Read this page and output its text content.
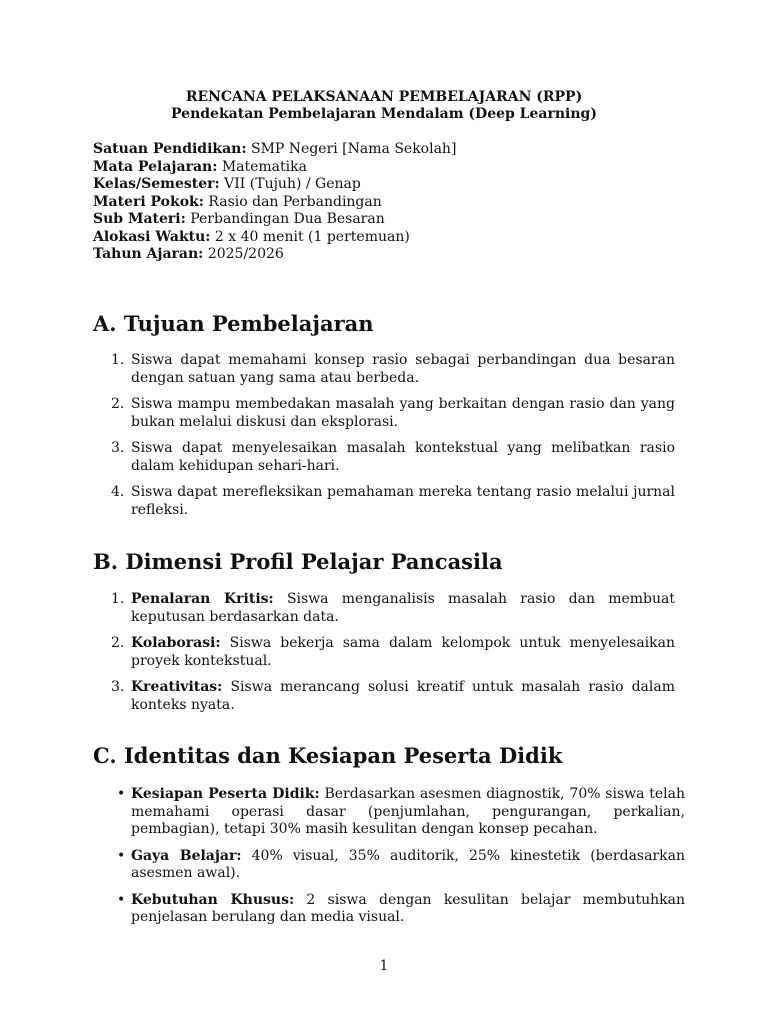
RENCANA PELAKSANAAN PEMBELAJARAN (RPP)
Pendekatan Pembelajaran Mendalam (Deep Learning)
Satuan Pendidikan: SMP Negeri [Nama Sekolah]
Mata Pelajaran: Matematika
Kelas/Semester: VII (Tujuh) / Genap
Materi Pokok: Rasio dan Perbandingan
Sub Materi: Perbandingan Dua Besaran
Alokasi Waktu: 2 x 40 menit (1 pertemuan)
Tahun Ajaran: 2025/2026
A. Tujuan Pembelajaran
1. Siswa dapat memahami konsep rasio sebagai perbandingan dua besaran dengan satuan yang sama atau berbeda.
2. Siswa mampu membedakan masalah yang berkaitan dengan rasio dan yang bukan melalui diskusi dan eksplorasi.
3. Siswa dapat menyelesaikan masalah kontekstual yang melibatkan rasio dalam kehidupan sehari-hari.
4. Siswa dapat merefleksikan pemahaman mereka tentang rasio melalui jurnal refleksi.
B. Dimensi Profil Pelajar Pancasila
1. Penalaran Kritis: Siswa menganalisis masalah rasio dan membuat keputusan berdasarkan data.
2. Kolaborasi: Siswa bekerja sama dalam kelompok untuk menyelesaikan proyek kontekstual.
3. Kreativitas: Siswa merancang solusi kreatif untuk masalah rasio dalam konteks nyata.
C. Identitas dan Kesiapan Peserta Didik
• Kesiapan Peserta Didik: Berdasarkan asesmen diagnostik, 70% siswa telah memahami operasi dasar (penjumlahan, pengurangan, perkalian, pembagian), tetapi 30% masih kesulitan dengan konsep pecahan.
• Gaya Belajar: 40% visual, 35% auditorik, 25% kinestetik (berdasarkan asesmen awal).
• Kebutuhan Khusus: 2 siswa dengan kesulitan belajar membutuhkan penjelasan berulang dan media visual.
1
